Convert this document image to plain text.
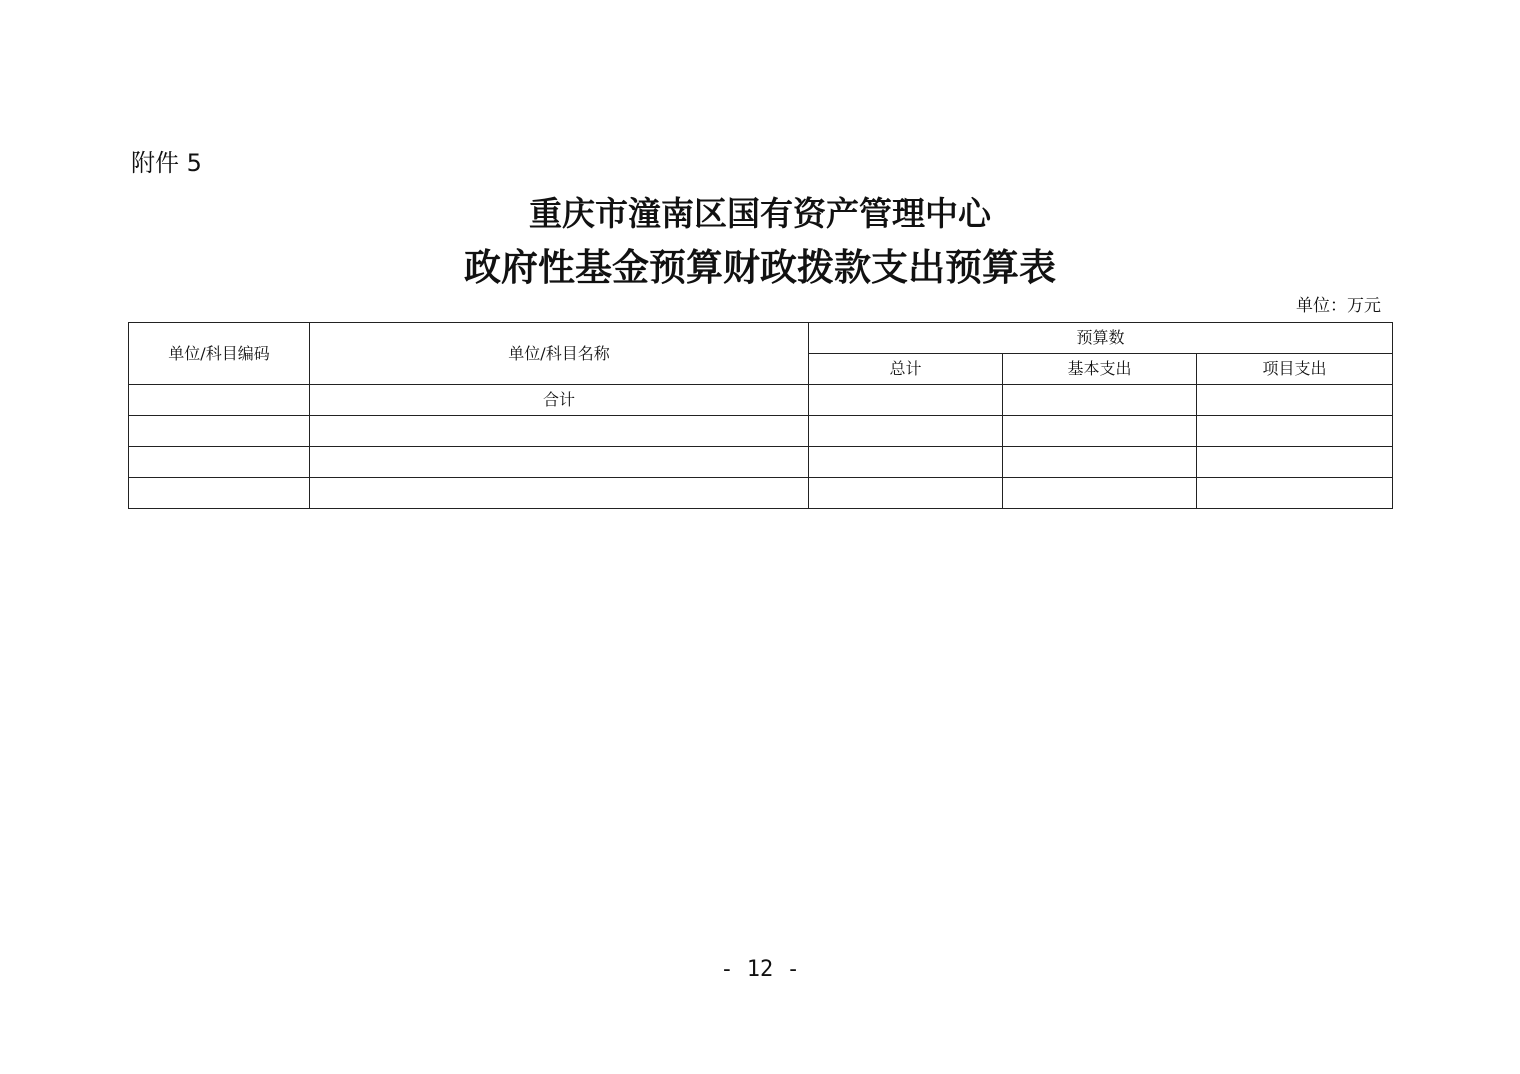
附件 5
重庆市潼南区国有资产管理中心
政府性基金预算财政拨款支出预算表
单位：万元
单位/科目编码	单位/科目名称	预算数		
		总计	基本支出	项目支出
	合计			

- 12 -
